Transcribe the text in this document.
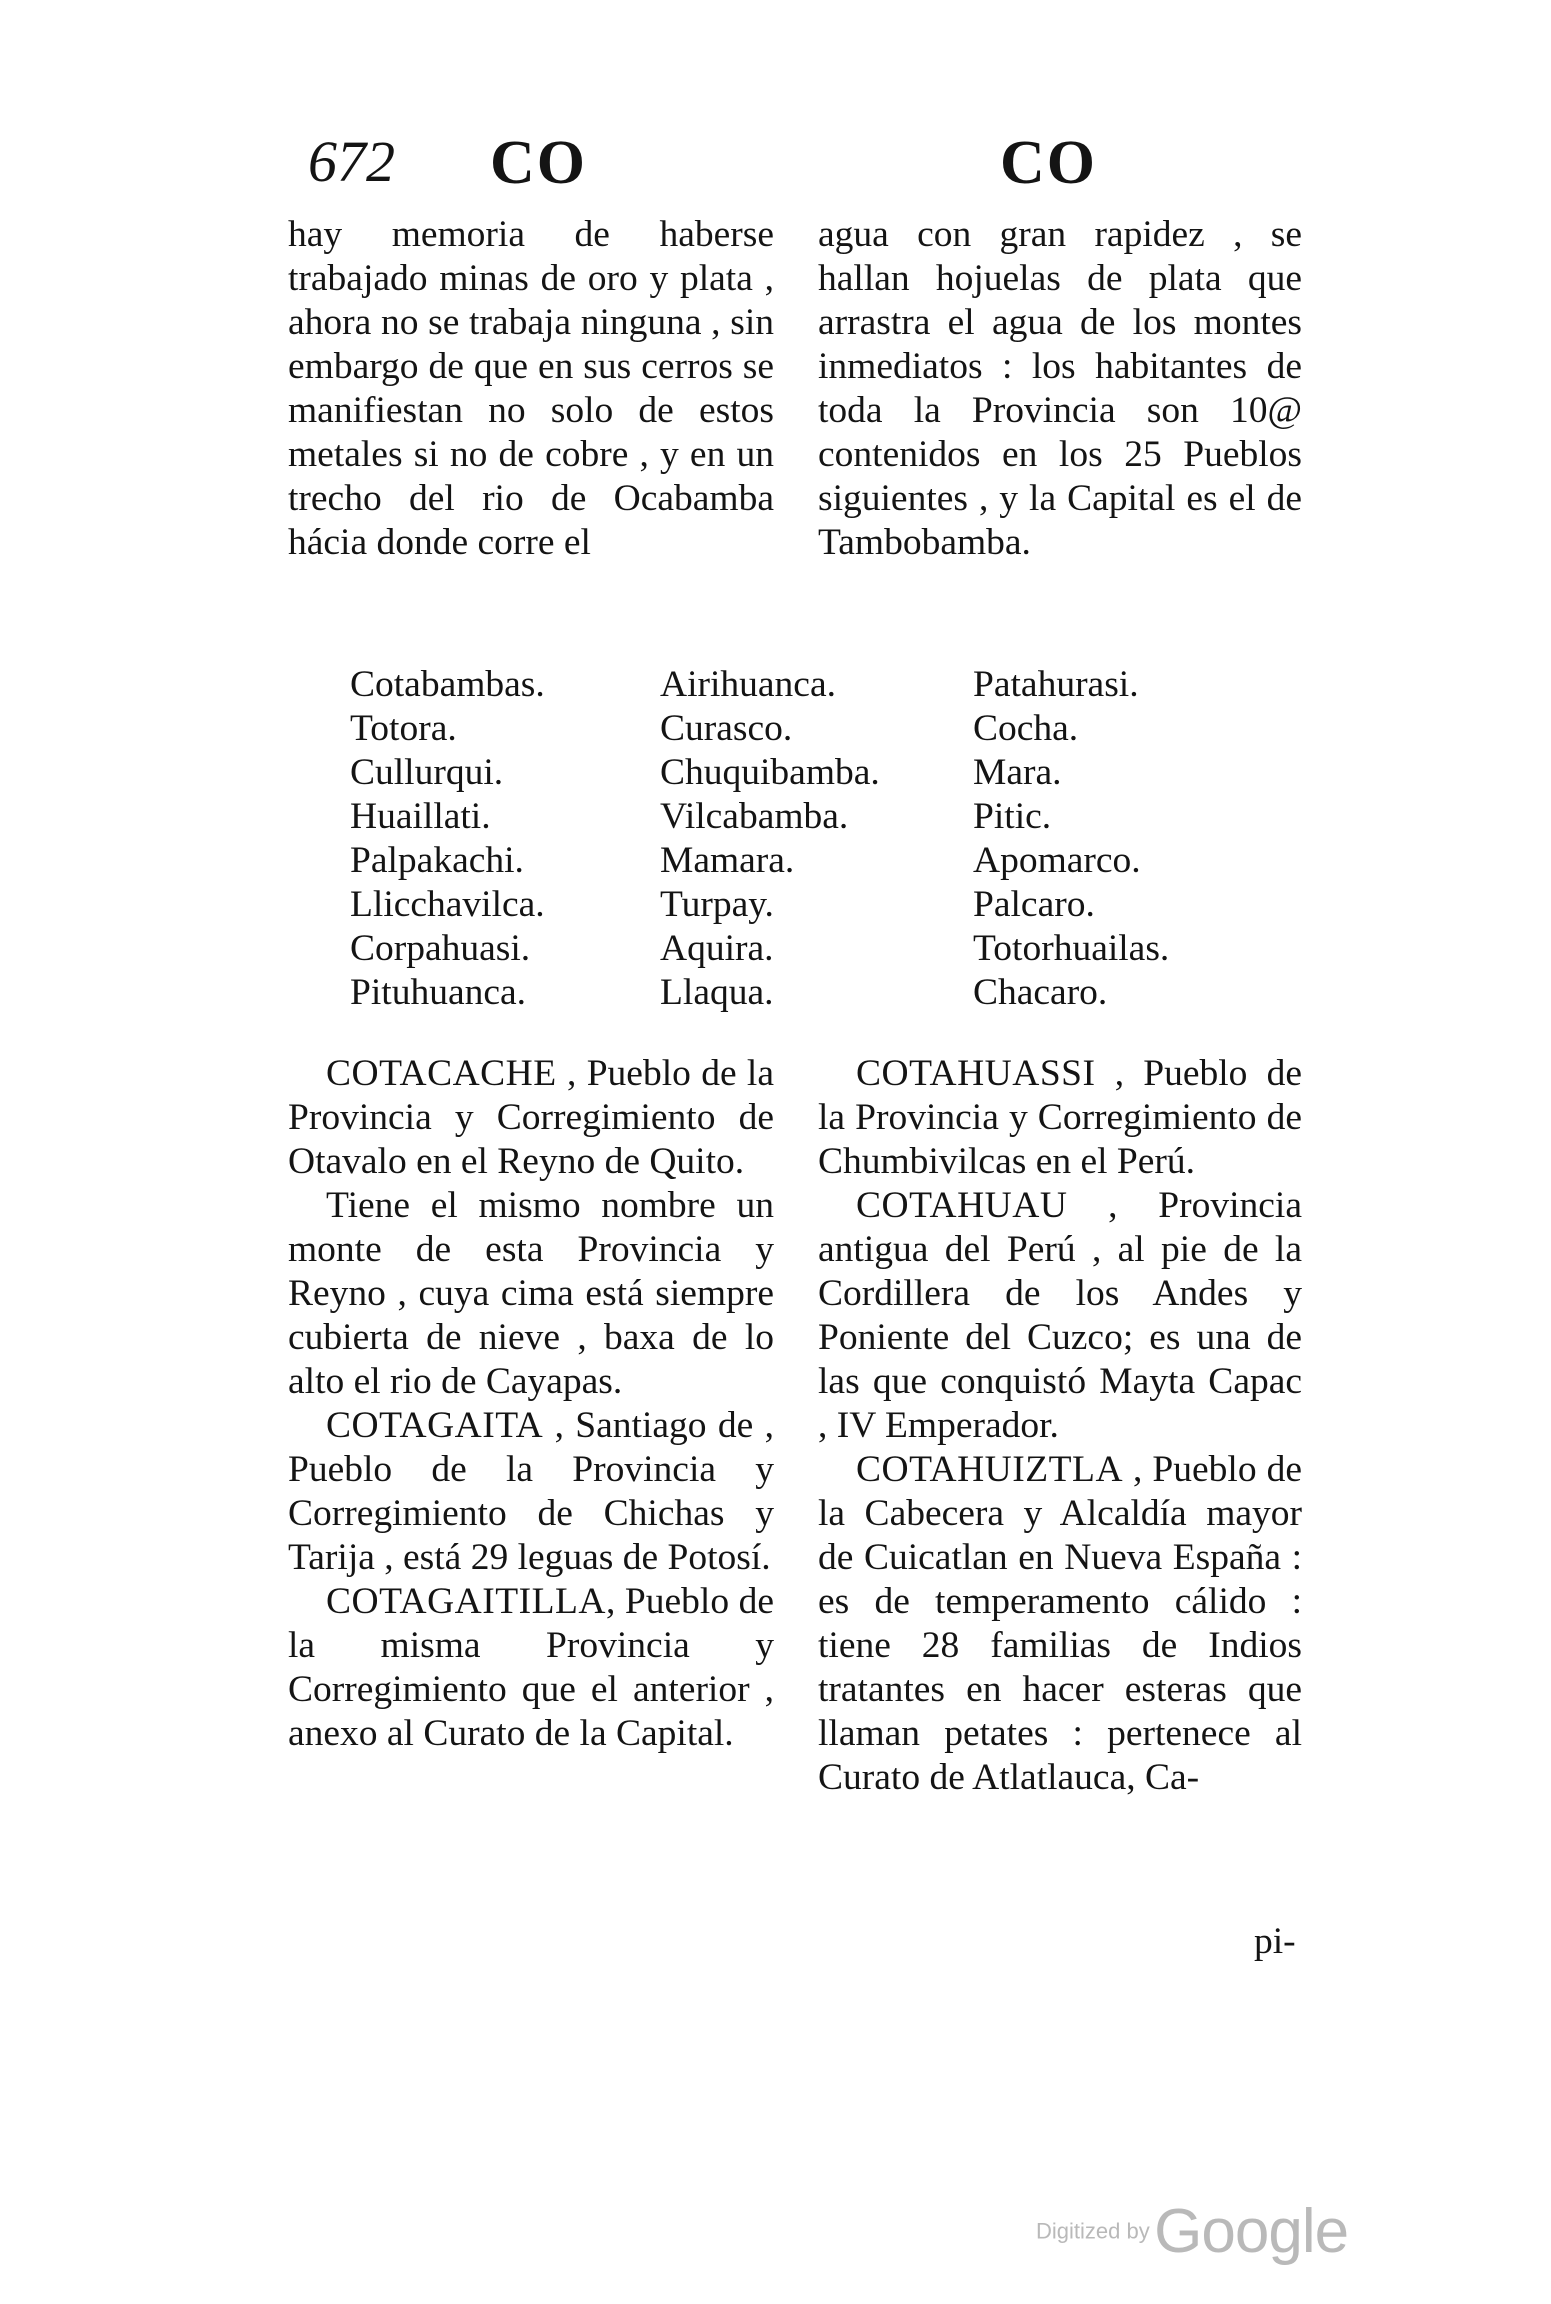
672 CO	CO

hay memoria de haberse trabajado minas de oro y plata , ahora no se trabaja ninguna , sin embargo de que en sus cerros se manifiestan no solo de estos metales si no de cobre , y en un trecho del rio de Ocabamba hácia donde corre el

agua con gran rapidez , se hallan hojuelas de plata que arrastra el agua de los montes inmediatos : los habitantes de toda la Provincia son 10@ contenidos en los 25 Pueblos siguientes , y la Capital es el de Tambobamba.

Cotabambas.
Totora.
Cullurqui.
Huaillati.
Palpakachi.
Llicchavilca.
Corpahuasi.
Pituhuanca.
Airihuanca.
Curasco.
Chuquibamba.
Vilcabamba.
Mamara.
Turpay.
Aquira.
Llaqua.
Patahurasi.
Cocha.
Mara.
Pitic.
Apomarco.
Palcaro.
Totorhuailas.
Chacaro.

COTACACHE , Pueblo de la Provincia y Corregimiento de Otavalo en el Reyno de Quito.

Tiene el mismo nombre un monte de esta Provincia y Reyno , cuya cima está siempre cubierta de nieve , baxa de lo alto el rio de Cayapas.

COTAGAITA , Santiago de , Pueblo de la Provincia y Corregimiento de Chichas y Tarija , está 29 leguas de Potosí.

COTAGAITILLA, Pueblo de la misma Provincia y Corregimiento que el anterior , anexo al Curato de la Capital.

COTAHUASSI , Pueblo de la Provincia y Corregimiento de Chumbivilcas en el Perú.

COTAHUAU , Provincia antigua del Perú , al pie de la Cordillera de los Andes y Poniente del Cuzco; es una de las que conquistó Mayta Capac , IV Emperador.

COTAHUIZTLA , Pueblo de la Cabecera y Alcaldía mayor de Cuicatlan en Nueva España : es de temperamento cálido : tiene 28 familias de Indios tratantes en hacer esteras que llaman petates : pertenece al Curato de Atlatlauca, Ca-

pi-
Digitized by Google
